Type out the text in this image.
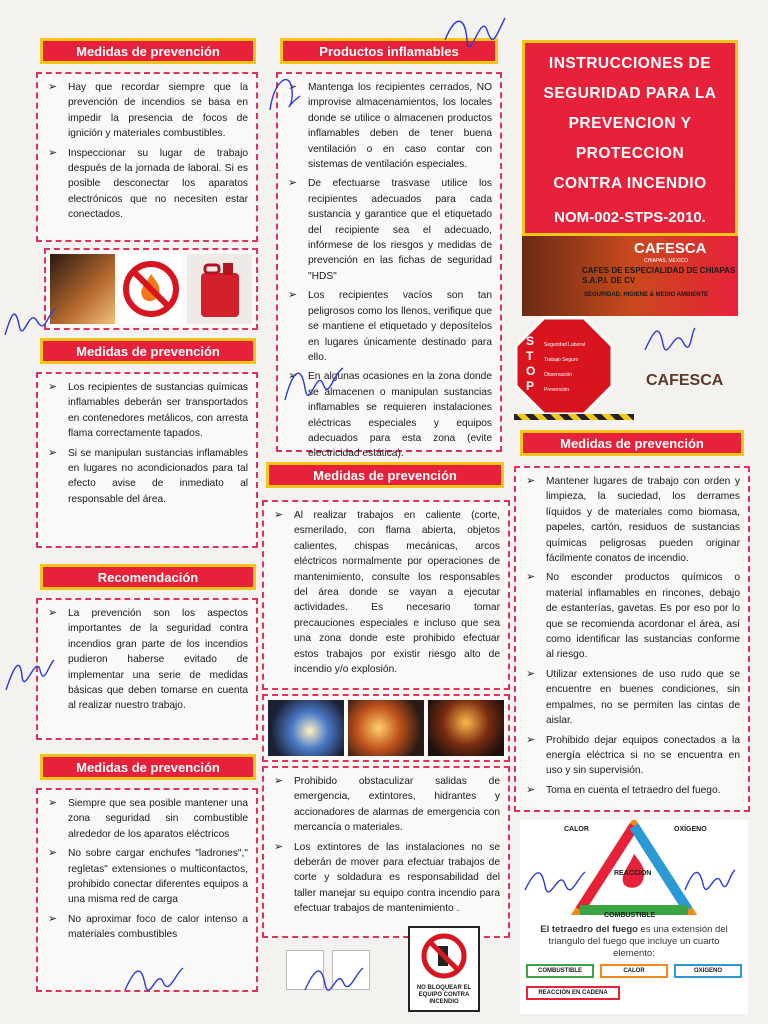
Medidas de prevención
➢ Hay que recordar siempre que la prevención de incendios se basa en impedir la presencia de focos de ignición y materiales combustibles.
➢ Inspeccionar su lugar de trabajo después de la jornada de laboral. Si es posible desconectar los aparatos electrónicos que no necesiten estar conectados.
Medidas de prevención
➢ Los recipientes de sustancias químicas inflamables deberán ser transportados en contenedores metálicos, con arresta flama correctamente tapados.
➢ Si se manipulan sustancias inflamables en lugares no acondicionados para tal efecto avise de inmediato al responsable del área.
Recomendación
➢ La prevención son los aspectos importantes de la seguridad contra incendios gran parte de los incendios pudieron haberse evitado de implementar una serie de medidas básicas que deben tomarse en cuenta al realizar nuestro trabajo.
Medidas de prevención
➢ Siempre que sea posible mantener una zona seguridad sin combustible alrededor de los aparatos eléctricos
➢ No sobre cargar enchufes "ladrones"," regletas" extensiones o multicontactos, prohibido conectar diferentes equipos a una misma red de carga
➢ No aproximar foco de calor intenso a materiales combustibles
Productos inflamables
➢ Mantenga los recipientes cerrados, NO improvise almacenamientos, los locales donde se utilice o almacenen productos inflamables deben de tener buena ventilación o en caso contar con sistemas de ventilación especiales.
➢ De efectuarse trasvase utilice los recipientes adecuados para cada sustancia y garantice que el etiquetado del recipiente sea el adecuado, infórmese de los riesgos y medidas de prevención en las fichas de seguridad "HDS"
➢ Los recipientes vacíos son tan peligrosos como los llenos, verifique que se mantiene el etiquetado y deposítelos en lugares únicamente destinado para ello.
➢ En algunas ocasiones en la zona donde se almacenen o manipulan sustancias inflamables se requieren instalaciones eléctricas especiales y equipos adecuados para esta zona (evite electricidad estática).
Medidas de prevención
➢ Al realizar trabajos en caliente (corte, esmerilado, con flama abierta, objetos calientes, chispas mecánicas, arcos eléctricos normalmente por operaciones de mantenimiento, consulte los responsables del área donde se vayan a ejecutar actividades. Es necesario tomar precauciones especiales e incluso que sea una zona donde este prohibido efectuar estos trabajos por existir riesgo alto de incendio y/o explosión.
➢ Prohibido obstaculizar salidas de emergencia, extintores, hidrantes y accionadores de alarmas de emergencia con mercancía o materiales.
➢ Los extintores de las instalaciones no se deberán de mover para efectuar trabajos de corte y soldadura es responsabilidad del taller manejar su equipo contra incendio para efectuar trabajos de mantenimiento .
NO BLOQUEAR EL EQUIPO CONTRA INCENDIO
INSTRUCCIONES DE
SEGURIDAD PARA LA
PREVENCION Y
PROTECCION
CONTRA INCENDIO
NOM-002-STPS-2010.
CAFESCA
CHIAPAS, MEXICO
CAFES DE ESPECIALIDAD DE CHIAPAS S.A.P.I. DE CV
SEGURIDAD, HIGIENE & MEDIO AMBIENTE
S
T
O
P
Seguridad Laboral
Trabajo Seguro
Observación
Prevención
CAFESCA
Medidas de prevención
➢ Mantener lugares de trabajo con orden y limpieza, la suciedad, los derrames líquidos y de materiales como biomasa, papeles, cartón, residuos de sustancias químicas peligrosas pueden originar fácilmente conatos de incendio.
➢ No esconder productos químicos o material inflamables en rincones, debajo de estanterías, gavetas. Es por eso por lo que se recomienda acordonar el área, así como identificar las sustancias conforme al riesgo.
➢ Utilizar extensiones de uso rudo que se encuentre en buenes condiciones, sin empalmes, no se permiten las cintas de aislar.
➢ Prohibido dejar equipos conectados a la energía eléctrica si no se encuentra en uso y sin supervisión.
➢ Toma en cuenta el tetraedro del fuego.
CALOR	OXÍGENO
REACCIÓN
COMBUSTIBLE
El tetraedro del fuego es una extensión del triangulo del fuego que incluye un cuarto elemento:
COMBUSTIBLE	CALOR	OXIGENO
REACCIÓN EN CADENA
